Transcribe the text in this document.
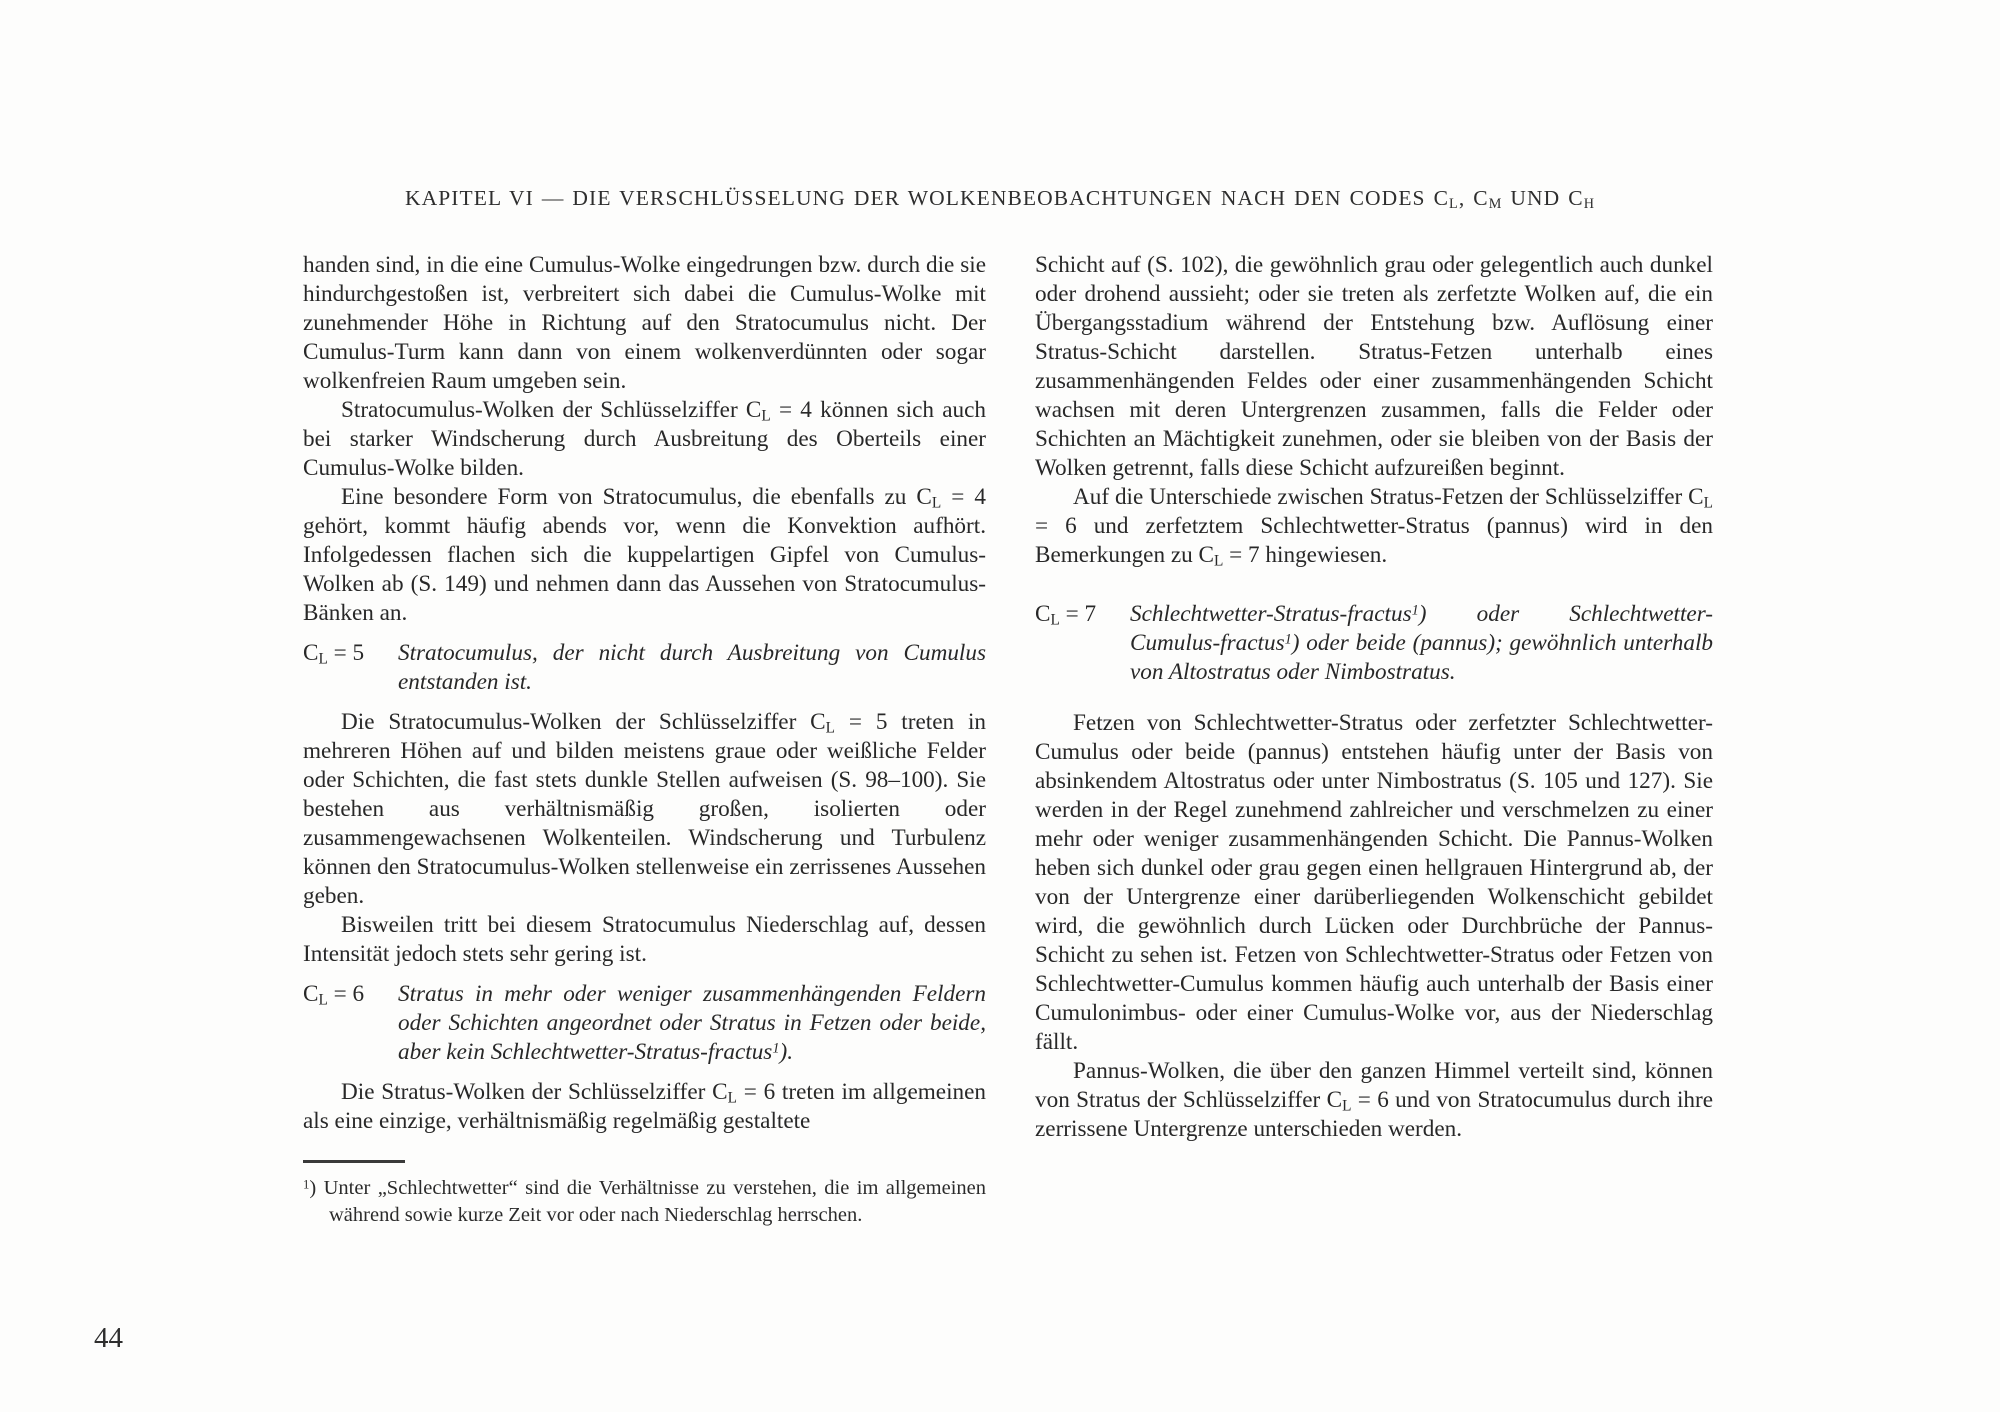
KAPITEL VI — DIE VERSCHLÜSSELUNG DER WOLKENBEOBACHTUNGEN NACH DEN CODES $C_L$, $C_M$ UND $C_H$

handen sind, in die eine Cumulus-Wolke eingedrungen bzw. durch die sie hindurchgestoßen ist, verbreitert sich dabei die Cumulus-Wolke mit zunehmender Höhe in Richtung auf den Stratocumulus nicht. Der Cumulus-Turm kann dann von einem wolkenverdünnten oder sogar wolkenfreien Raum umgeben sein.

Stratocumulus-Wolken der Schlüsselziffer $C_L = 4$ können sich auch bei starker Windscherung durch Ausbreitung des Oberteils einer Cumulus-Wolke bilden.

Eine besondere Form von Stratocumulus, die ebenfalls zu $C_L = 4$ gehört, kommt häufig abends vor, wenn die Konvektion aufhört. Infolgedessen flachen sich die kuppelartigen Gipfel von Cumulus-Wolken ab (S. 149) und nehmen dann das Aussehen von Stratocumulus-Bänken an.

$C_L = 5$ Stratocumulus, der nicht durch Ausbreitung von Cumulus entstanden ist.

Die Stratocumulus-Wolken der Schlüsselziffer $C_L = 5$ treten in mehreren Höhen auf und bilden meistens graue oder weißliche Felder oder Schichten, die fast stets dunkle Stellen aufweisen (S. 98–100). Sie bestehen aus verhältnismäßig großen, isolierten oder zusammengewachsenen Wolkenteilen. Windscherung und Turbulenz können den Stratocumulus-Wolken stellenweise ein zerrissenes Aussehen geben.

Bisweilen tritt bei diesem Stratocumulus Niederschlag auf, dessen Intensität jedoch stets sehr gering ist.

$C_L = 6$ Stratus in mehr oder weniger zusammenhängenden Feldern oder Schichten angeordnet oder Stratus in Fetzen oder beide, aber kein Schlechtwetter-Stratus-fractus$^1$).

Die Stratus-Wolken der Schlüsselziffer $C_L = 6$ treten im allgemeinen als eine einzige, verhältnismäßig regelmäßig gestaltete

$^1$) Unter „Schlechtwetter“ sind die Verhältnisse zu verstehen, die im allgemeinen während sowie kurze Zeit vor oder nach Niederschlag herrschen.

Schicht auf (S. 102), die gewöhnlich grau oder gelegentlich auch dunkel oder drohend aussieht; oder sie treten als zerfetzte Wolken auf, die ein Übergangsstadium während der Entstehung bzw. Auflösung einer Stratus-Schicht darstellen. Stratus-Fetzen unterhalb eines zusammenhängenden Feldes oder einer zusammenhängenden Schicht wachsen mit deren Untergrenzen zusammen, falls die Felder oder Schichten an Mächtigkeit zunehmen, oder sie bleiben von der Basis der Wolken getrennt, falls diese Schicht aufzureißen beginnt.

Auf die Unterschiede zwischen Stratus-Fetzen der Schlüsselziffer $C_L = 6$ und zerfetztem Schlechtwetter-Stratus (pannus) wird in den Bemerkungen zu $C_L = 7$ hingewiesen.

$C_L = 7$ Schlechtwetter-Stratus-fractus$^1$) oder Schlechtwetter-Cumulus-fractus$^1$) oder beide (pannus); gewöhnlich unterhalb von Altostratus oder Nimbostratus.

Fetzen von Schlechtwetter-Stratus oder zerfetzter Schlechtwetter-Cumulus oder beide (pannus) entstehen häufig unter der Basis von absinkendem Altostratus oder unter Nimbostratus (S. 105 und 127). Sie werden in der Regel zunehmend zahlreicher und verschmelzen zu einer mehr oder weniger zusammenhängenden Schicht. Die Pannus-Wolken heben sich dunkel oder grau gegen einen hellgrauen Hintergrund ab, der von der Untergrenze einer darüberliegenden Wolkenschicht gebildet wird, die gewöhnlich durch Lücken oder Durchbrüche der Pannus-Schicht zu sehen ist. Fetzen von Schlechtwetter-Stratus oder Fetzen von Schlechtwetter-Cumulus kommen häufig auch unterhalb der Basis einer Cumulonimbus- oder einer Cumulus-Wolke vor, aus der Niederschlag fällt.

Pannus-Wolken, die über den ganzen Himmel verteilt sind, können von Stratus der Schlüsselziffer $C_L = 6$ und von Stratocumulus durch ihre zerrissene Untergrenze unterschieden werden.

44
